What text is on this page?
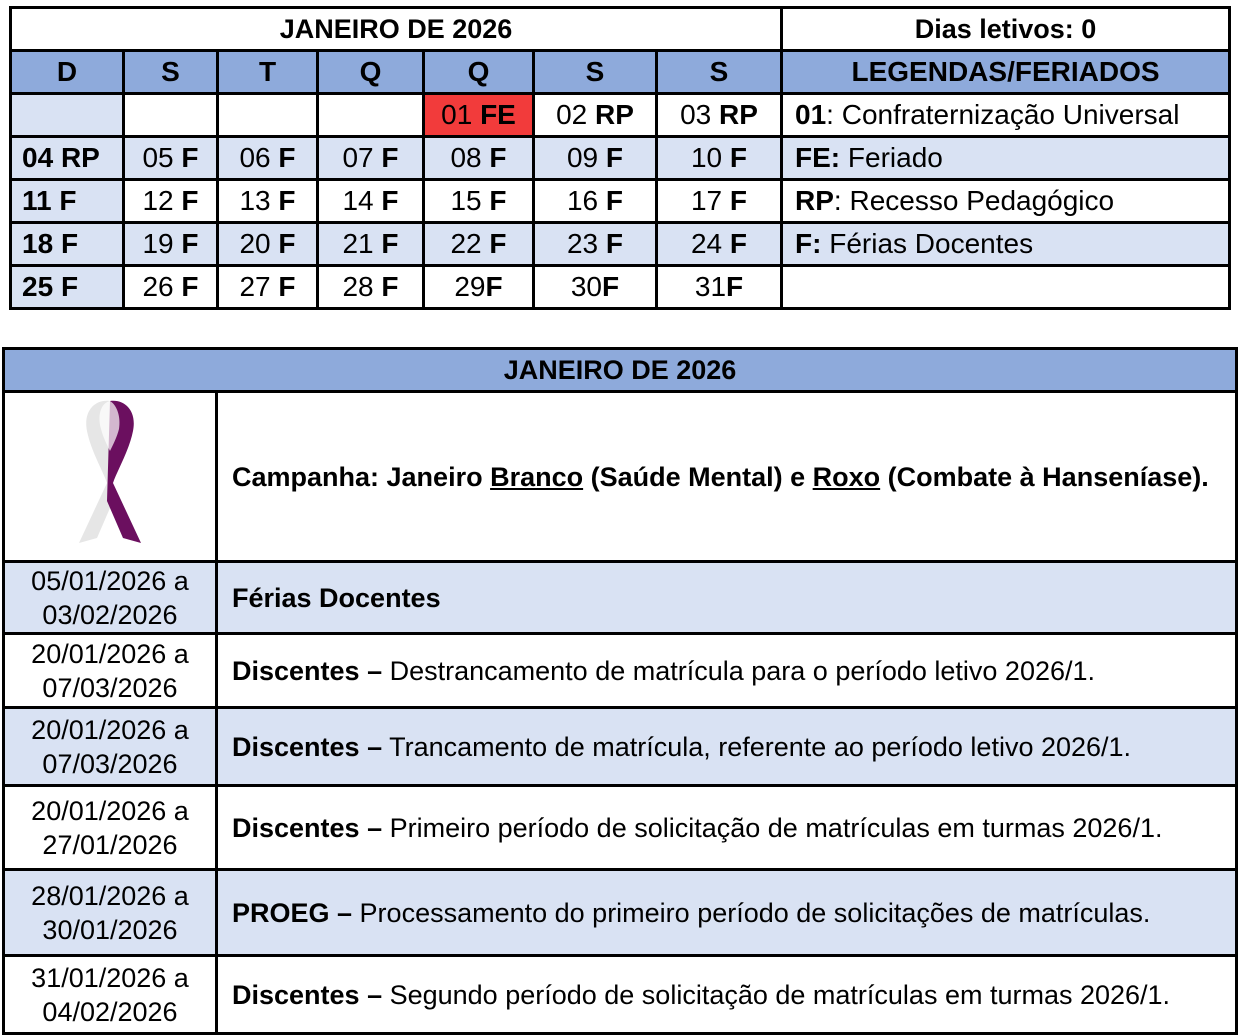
JANEIRO DE 2026							Dias letivos: 0
D	S	T	Q	Q	S	S	LEGENDAS/FERIADOS
				01 FE	02 RP	03 RP	01: Confraternização Universal
04 RP	05 F	06 F	07 F	08 F	09 F	10 F	FE: Feriado
11 F	12 F	13 F	14 F	15 F	16 F	17 F	RP: Recesso Pedagógico
18 F	19 F	20 F	21 F	22 F	23 F	24 F	F: Férias Docentes
25 F	26 F	27 F	28 F	29F	30F	31F	
JANEIRO DE 2026	
	Campanha: Janeiro Branco (Saúde Mental) e Roxo (Combate à Hanseníase).
05/01/2026 a
03/02/2026	Férias Docentes
20/01/2026 a
07/03/2026	Discentes – Destrancamento de matrícula para o período letivo 2026/1.
20/01/2026 a
07/03/2026	Discentes – Trancamento de matrícula, referente ao período letivo 2026/1.
20/01/2026 a
27/01/2026	Discentes – Primeiro período de solicitação de matrículas em turmas 2026/1.
28/01/2026 a
30/01/2026	PROEG – Processamento do primeiro período de solicitações de matrículas.
31/01/2026 a
04/02/2026	Discentes – Segundo período de solicitação de matrículas em turmas 2026/1.
